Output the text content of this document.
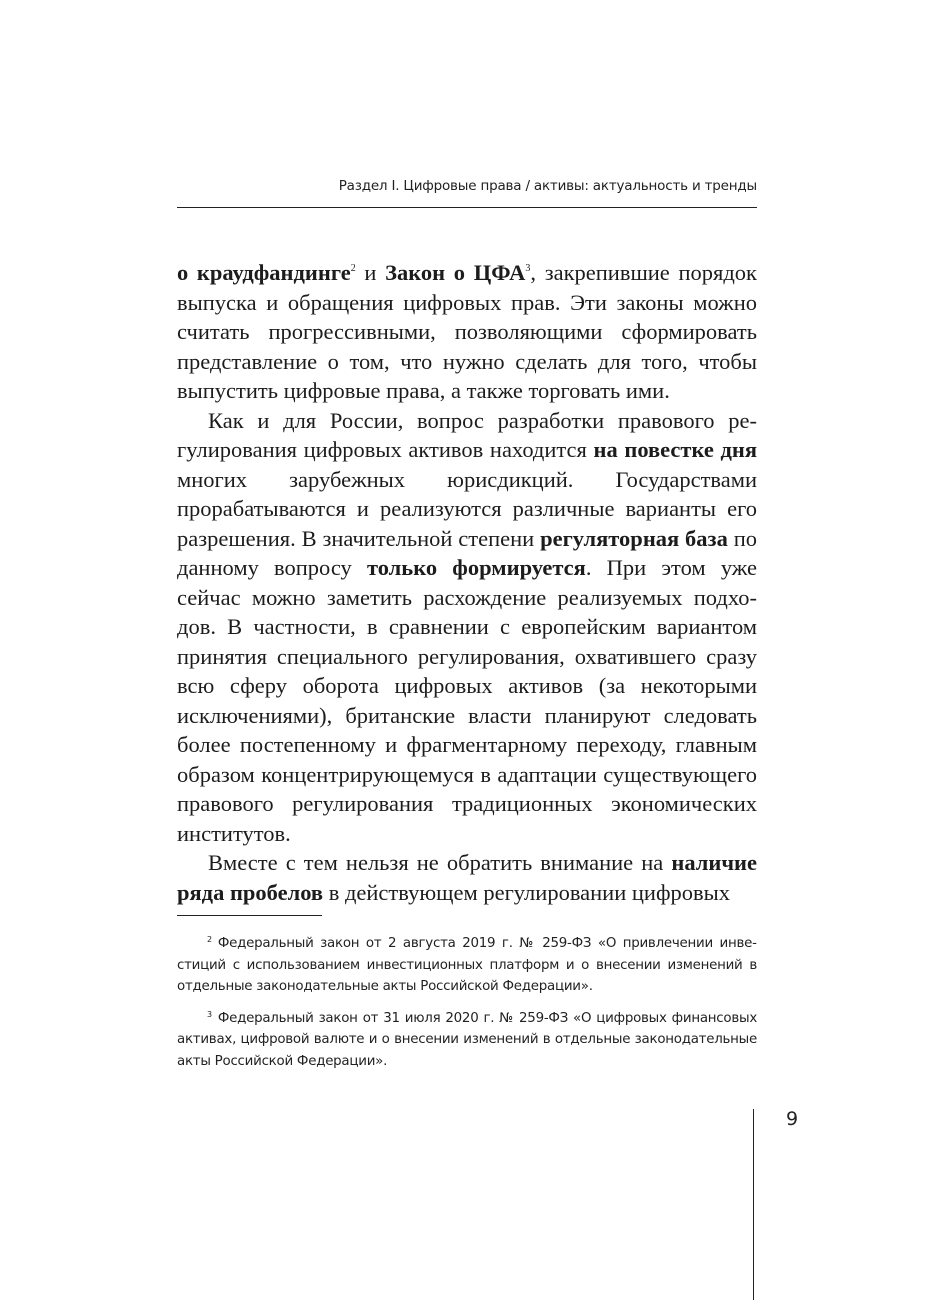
Раздел I. Цифровые права / активы: актуальность и тренды

о краудфандинге$^2$ и Закон о ЦФА$^3$, закрепившие порядок выпуска и обращения цифровых прав. Эти законы можно считать прогрессивными, позволяющими сформировать представление о том, что нужно сделать для того, чтобы выпустить цифровые права, а также торговать ими.

Как и для России, вопрос разработки правового регулирования цифровых активов находится на повестке дня многих зарубежных юрисдикций. Государствами прорабатываются и реализуются различные варианты его разрешения. В значительной степени регуляторная база по данному вопросу только формируется. При этом уже сейчас можно заметить расхождение реализуемых подходов. В частности, в сравнении с европейским вариантом принятия специального регулирования, охватившего сразу всю сферу оборота цифровых активов (за некоторыми исключениями), британские власти планируют следовать более постепенному и фрагментарному переходу, главным образом концентрирующемуся в адаптации существующего правового регулирования традиционных экономических институтов.

Вместе с тем нельзя не обратить внимание на наличие ряда пробелов в действующем регулировании цифровых

$^2$ Федеральный закон от 2 августа 2019 г. № 259-ФЗ «О привлечении инвестиций с использованием инвестиционных платформ и о внесении изменений в отдельные законодательные акты Российской Федерации».

$^3$ Федеральный закон от 31 июля 2020 г. № 259-ФЗ «О цифровых финансовых активах, цифровой валюте и о внесении изменений в отдельные законодательные акты Российской Федерации».

9
